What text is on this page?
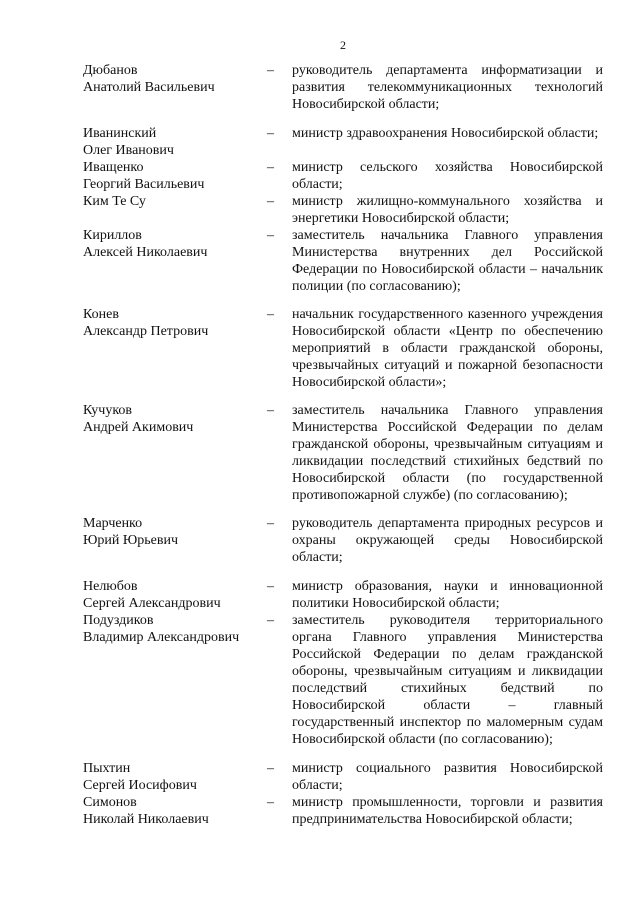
2
Дюбанов
Анатолий Васильевич
–	руководитель департамента информатизации и развития телекоммуникационных технологий Новосибирской области;
Иванинский
Олег Иванович
–	министр здравоохранения Новосибирской области;
Ивaщенко
Георгий Васильевич
–	министр сельского хозяйства Новосибирской области;
Ким Те Су	–	министр жилищно-коммунального хозяйства и энергетики Новосибирской области;
Кириллов
Алексей Николаевич
–	заместитель начальника Главного управления Министерства внутренних дел Российской Федерации по Новосибирской области – начальник полиции (по согласованию);
Конев
Александр Петрович
–	начальник государственного казенного учреждения Новосибирской области «Центр по обеспечению мероприятий в области гражданской обороны, чрезвычайных ситуаций и пожарной безопасности Новосибирской области»;
Кучуков
Андрей Акимович
–	заместитель начальника Главного управления Министерства Российской Федерации по делам гражданской обороны, чрезвычайным ситуациям и ликвидации последствий стихийных бедствий по Новосибирской области (по государственной противопожарной службе) (по согласованию);
Марченко
Юрий Юрьевич
–	руководитель департамента природных ресурсов и охраны окружающей среды Новосибирской области;
Нелюбов
Сергей Александрович
–	министр образования, науки и инновационной политики Новосибирской области;
Подуздиков
Владимир Александрович
–	заместитель руководителя территориального органа Главного управления Министерства Российской Федерации по делам гражданской обороны, чрезвычайным ситуациям и ликвидации последствий стихийных бедствий по Новосибирской области – главный государственный инспектор по маломерным судам Новосибирской области (по согласованию);
Пыхтин
Сергей Иосифович
–	министр социального развития Новосибирской области;
Симонов
Николай Николаевич
–	министр промышленности, торговли и развития предпринимательства Новосибирской области;
